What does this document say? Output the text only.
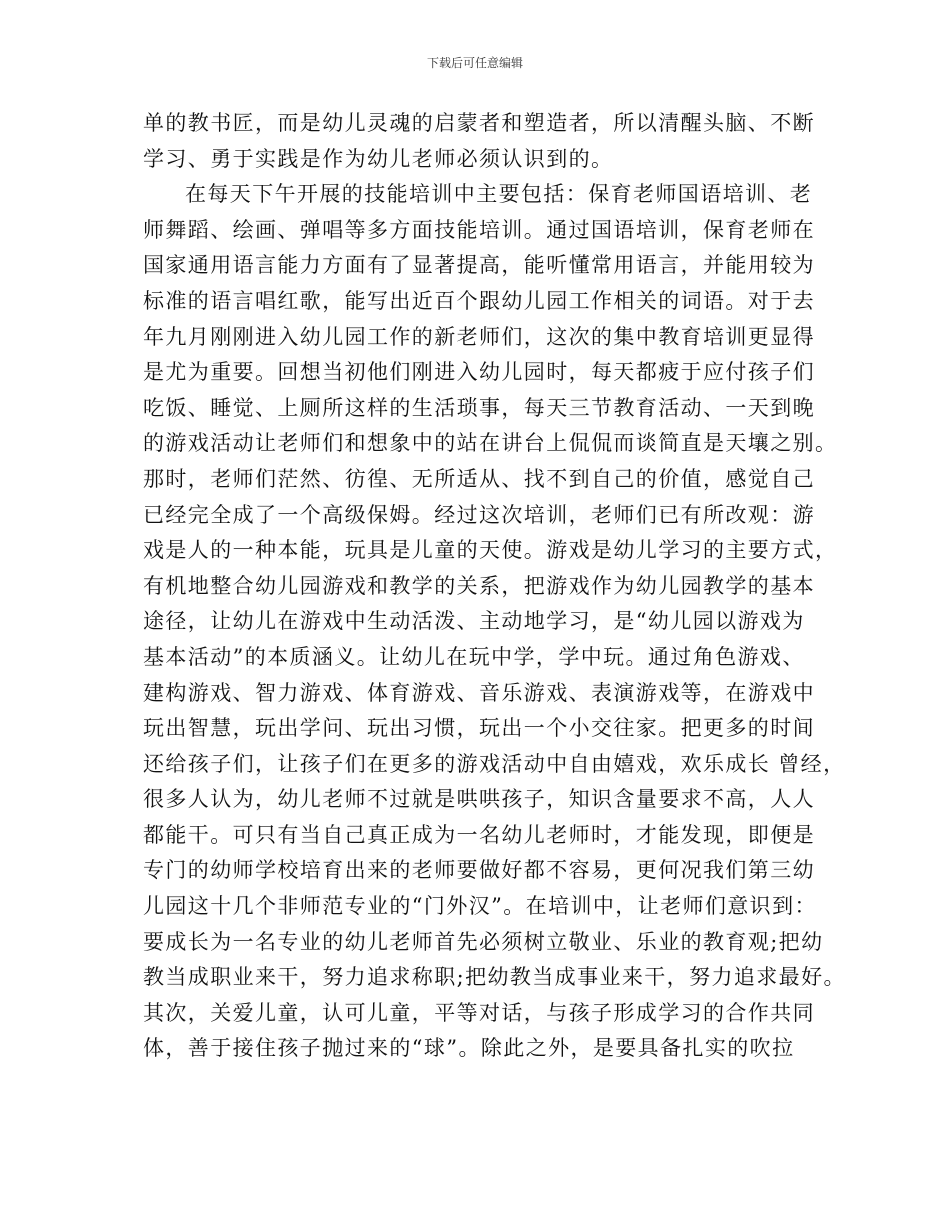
下载后可任意编辑
单的教书匠，而是幼儿灵魂的启蒙者和塑造者，所以清醒头脑、不断
学习、勇于实践是作为幼儿老师必须认识到的。
在每天下午开展的技能培训中主要包括：保育老师国语培训、老
师舞蹈、绘画、弹唱等多方面技能培训。通过国语培训，保育老师在
国家通用语言能力方面有了显著提高，能听懂常用语言，并能用较为
标准的语言唱红歌，能写出近百个跟幼儿园工作相关的词语。对于去
年九月刚刚进入幼儿园工作的新老师们，这次的集中教育培训更显得
是尤为重要。回想当初他们刚进入幼儿园时，每天都疲于应付孩子们
吃饭、睡觉、上厕所这样的生活琐事，每天三节教育活动、一天到晚
的游戏活动让老师们和想象中的站在讲台上侃侃而谈简直是天壤之别。
那时，老师们茫然、彷徨、无所适从、找不到自己的价值，感觉自己
已经完全成了一个高级保姆。经过这次培训，老师们已有所改观：游
戏是人的一种本能，玩具是儿童的天使。游戏是幼儿学习的主要方式，
有机地整合幼儿园游戏和教学的关系，把游戏作为幼儿园教学的基本
途径，让幼儿在游戏中生动活泼、主动地学习，是“幼儿园以游戏为
基本活动”的本质涵义。让幼儿在玩中学，学中玩。通过角色游戏、
建构游戏、智力游戏、体育游戏、音乐游戏、表演游戏等，在游戏中
玩出智慧，玩出学问、玩出习惯，玩出一个小交往家。把更多的时间
还给孩子们，让孩子们在更多的游戏活动中自由嬉戏，欢乐成长 曾经，
很多人认为，幼儿老师不过就是哄哄孩子，知识含量要求不高，人人
都能干。可只有当自己真正成为一名幼儿老师时，才能发现，即便是
专门的幼师学校培育出来的老师要做好都不容易，更何况我们第三幼
儿园这十几个非师范专业的“门外汉”。在培训中，让老师们意识到：
要成长为一名专业的幼儿老师首先必须树立敬业、乐业的教育观;把幼
教当成职业来干，努力追求称职;把幼教当成事业来干，努力追求最好。
其次，关爱儿童，认可儿童，平等对话，与孩子形成学习的合作共同
体，善于接住孩子抛过来的“球”。除此之外，是要具备扎实的吹拉
